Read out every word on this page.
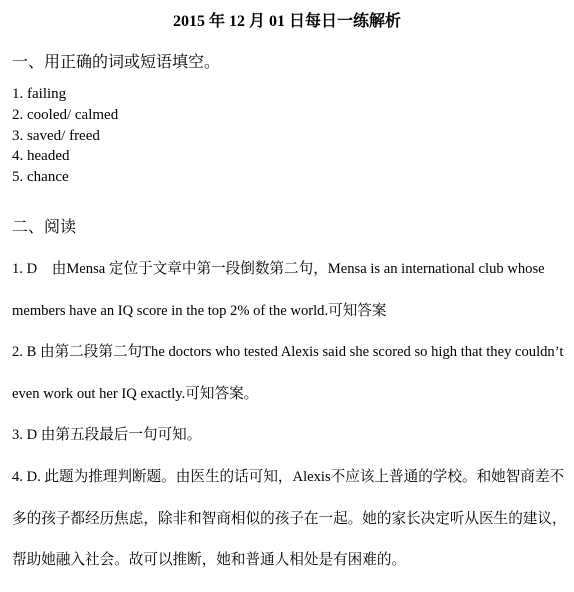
2015 年 12 月 01 日每日一练解析
一、用正确的词或短语填空。
1. failing
2. cooled/ calmed
3. saved/ freed
4. headed
5. chance
二、阅读

1. D　由Mensa 定位于文章中第一段倒数第二句，Mensa is an international club whose members have an IQ score in the top 2% of the world.可知答案

2. B 由第二段第二句The doctors who tested Alexis said she scored so high that they couldn’t even work out her IQ exactly.可知答案。

3. D 由第五段最后一句可知。

4. D. 此题为推理判断题。由医生的话可知，Alexis不应该上普通的学校。和她智商差不多的孩子都经历焦虑，除非和智商相似的孩子在一起。她的家长决定听从医生的建议，帮助她融入社会。故可以推断，她和普通人相处是有困难的。
